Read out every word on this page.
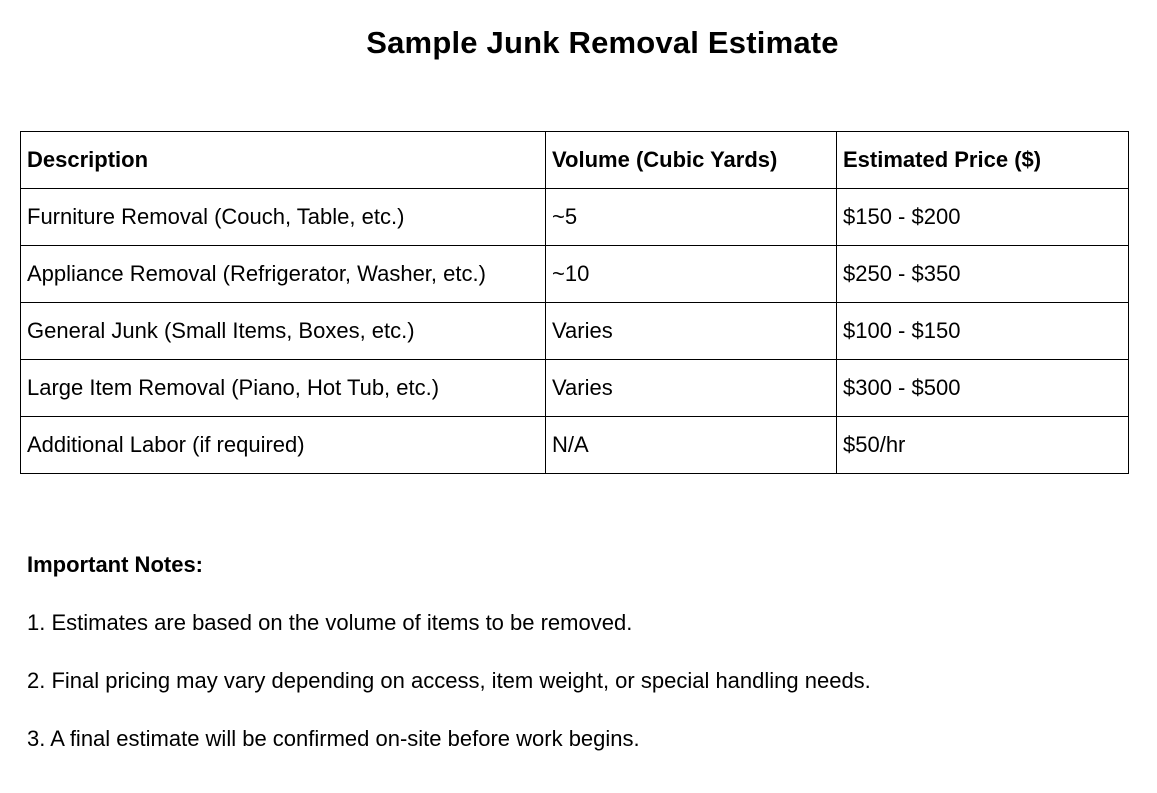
Sample Junk Removal Estimate
Description	Volume (Cubic Yards)	Estimated Price ($)
Furniture Removal (Couch, Table, etc.)	~5	$150 - $200
Appliance Removal (Refrigerator, Washer, etc.)	~10	$250 - $350
General Junk (Small Items, Boxes, etc.)	Varies	$100 - $150
Large Item Removal (Piano, Hot Tub, etc.)	Varies	$300 - $500
Additional Labor (if required)	N/A	$50/hr
Important Notes:
1. Estimates are based on the volume of items to be removed.
2. Final pricing may vary depending on access, item weight, or special handling needs.
3. A final estimate will be confirmed on-site before work begins.
